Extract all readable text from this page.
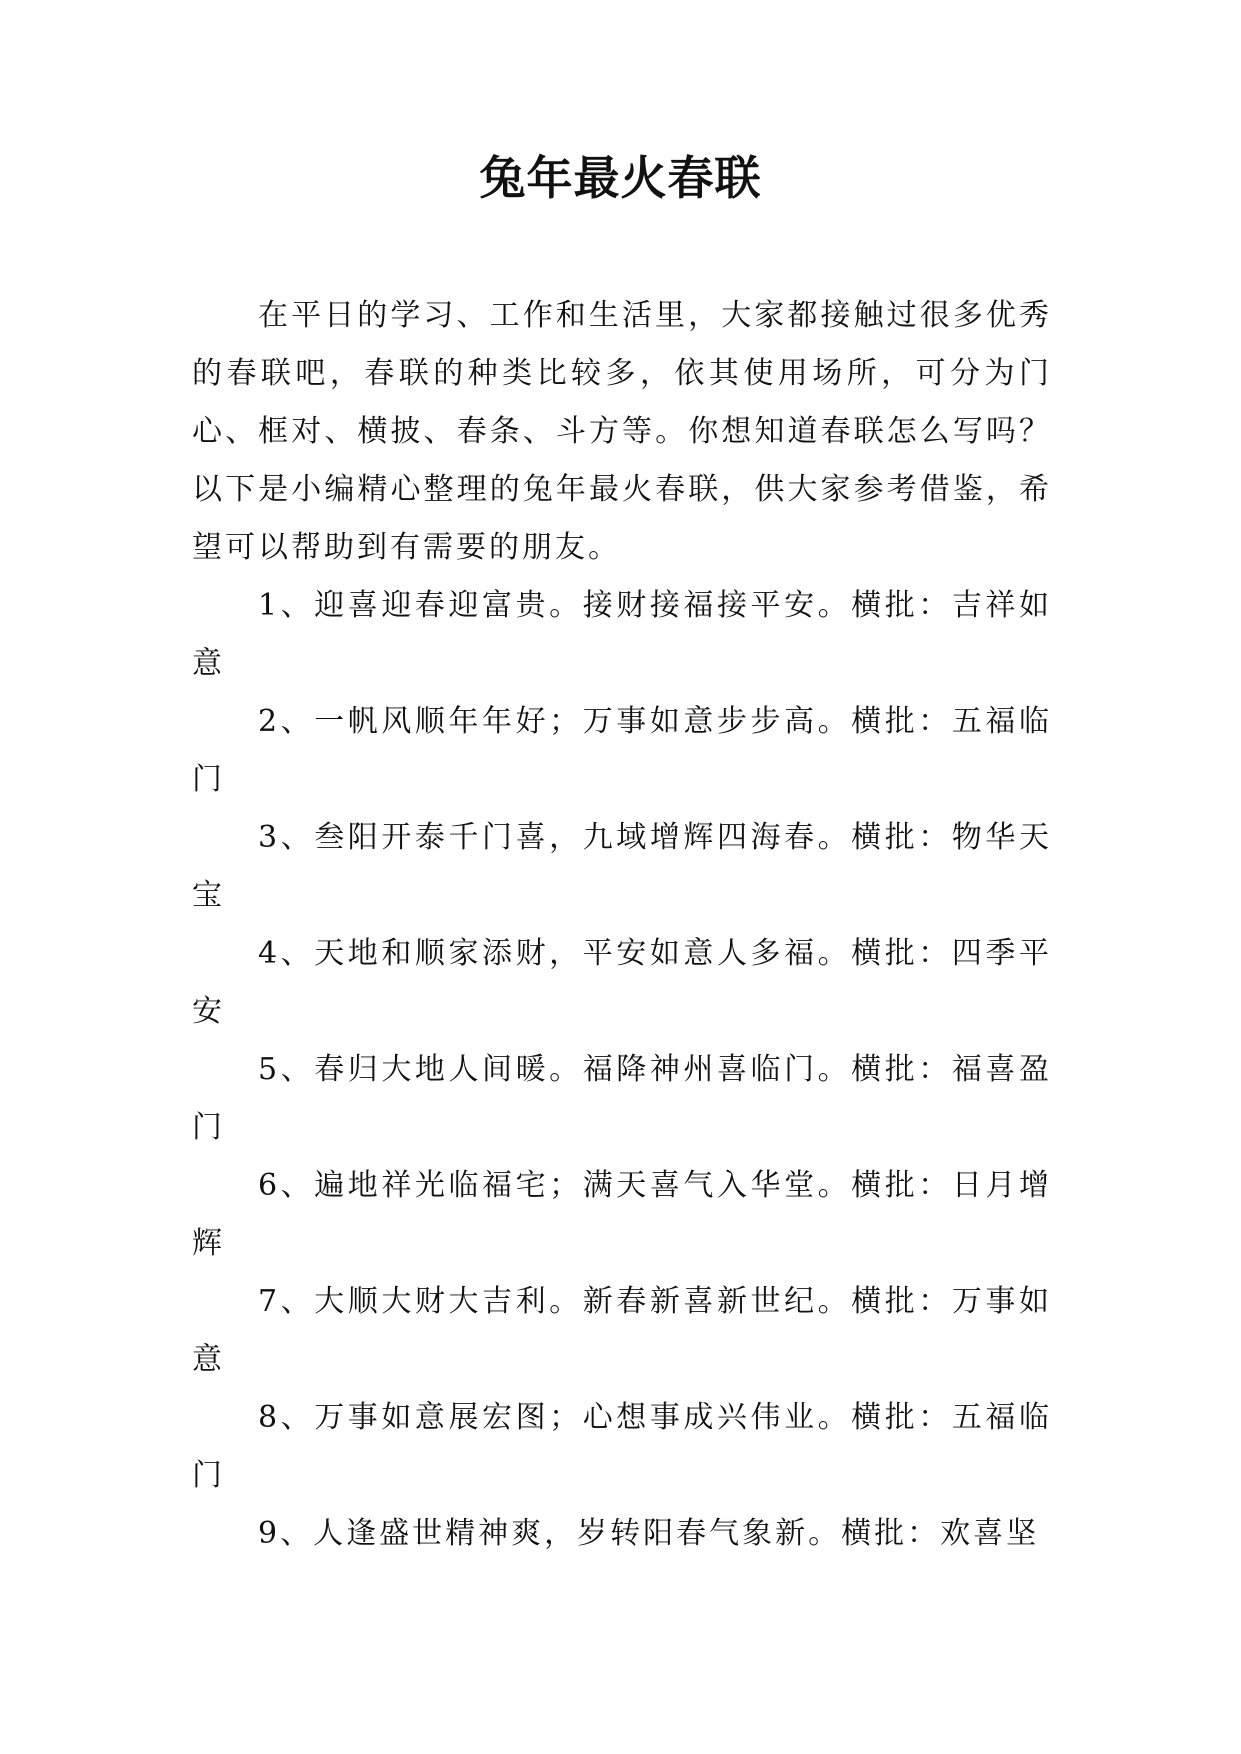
兔年最火春联

在平日的学习、工作和生活里，大家都接触过很多优秀的春联吧，春联的种类比较多，依其使用场所，可分为门心、框对、横披、春条、斗方等。你想知道春联怎么写吗？以下是小编精心整理的兔年最火春联，供大家参考借鉴，希望可以帮助到有需要的朋友。

1、迎喜迎春迎富贵。接财接福接平安。横批：吉祥如意

2、一帆风顺年年好；万事如意步步高。横批：五福临门

3、叁阳开泰千门喜，九域增辉四海春。横批：物华天宝

4、天地和顺家添财，平安如意人多福。横批：四季平安

5、春归大地人间暖。福降神州喜临门。横批：福喜盈门

6、遍地祥光临福宅；满天喜气入华堂。横批：日月增辉

7、大顺大财大吉利。新春新喜新世纪。横批：万事如意

8、万事如意展宏图；心想事成兴伟业。横批：五福临门

9、人逢盛世精神爽，岁转阳春气象新。横批：欢喜坚
